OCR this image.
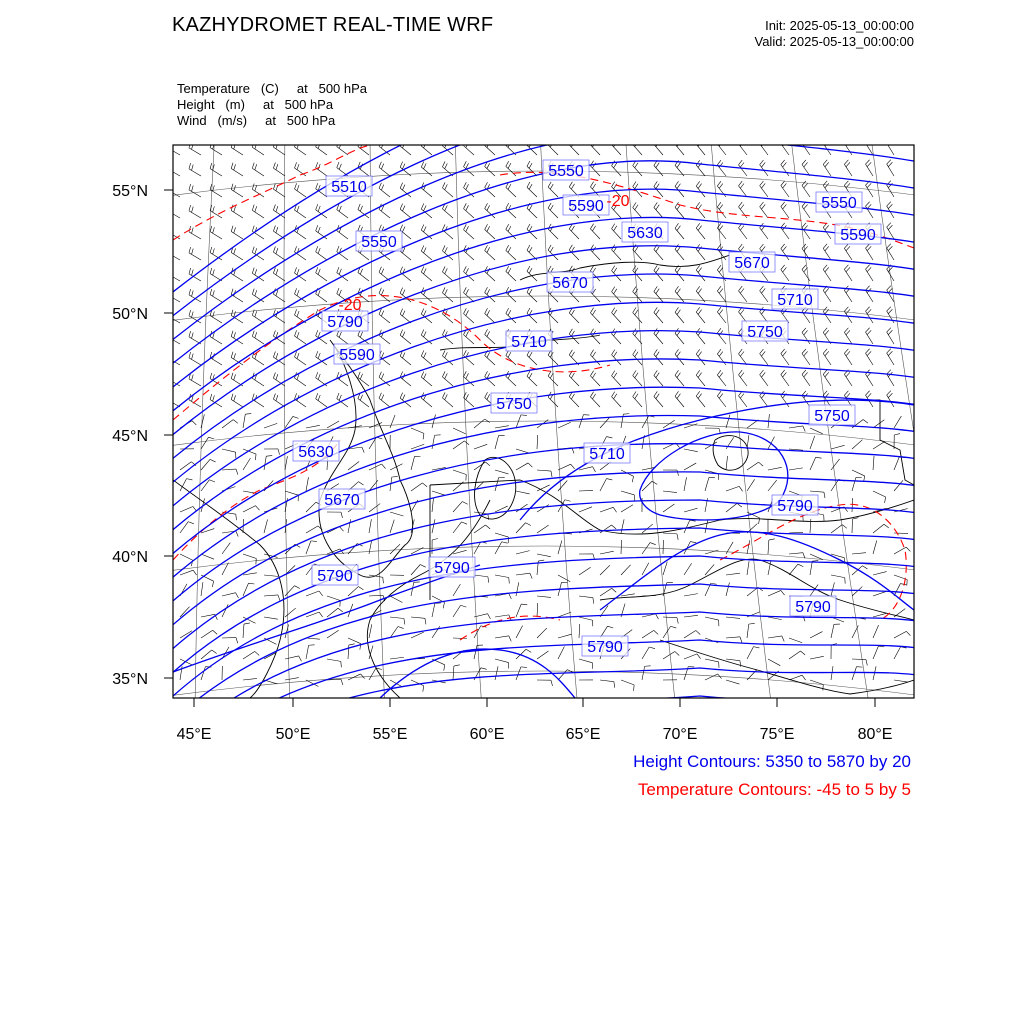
KAZHYDROMET REAL-TIME WRF	Init: 2025-05-13_00:00:00
Valid: 2025-05-13_00:00:00
Temperature   (C)     at   500 hPa
Height   (m)     at   500 hPa
Wind   (m/s)     at   500 hPa
5510
5550
5550
5590
5630
5670
5710
5750
5550
5590
5670
5710
5750
5790
5590
5630
5670
5710
5750
5790
5790	5790
5790
5790
-20
-20
55°N
50°N
45°N
40°N
35°N
45°E	50°E	55°E	60°E	65°E	70°E	75°E	80°E
Height Contours: 5350 to 5870 by 20
Temperature Contours: -45 to 5 by 5
